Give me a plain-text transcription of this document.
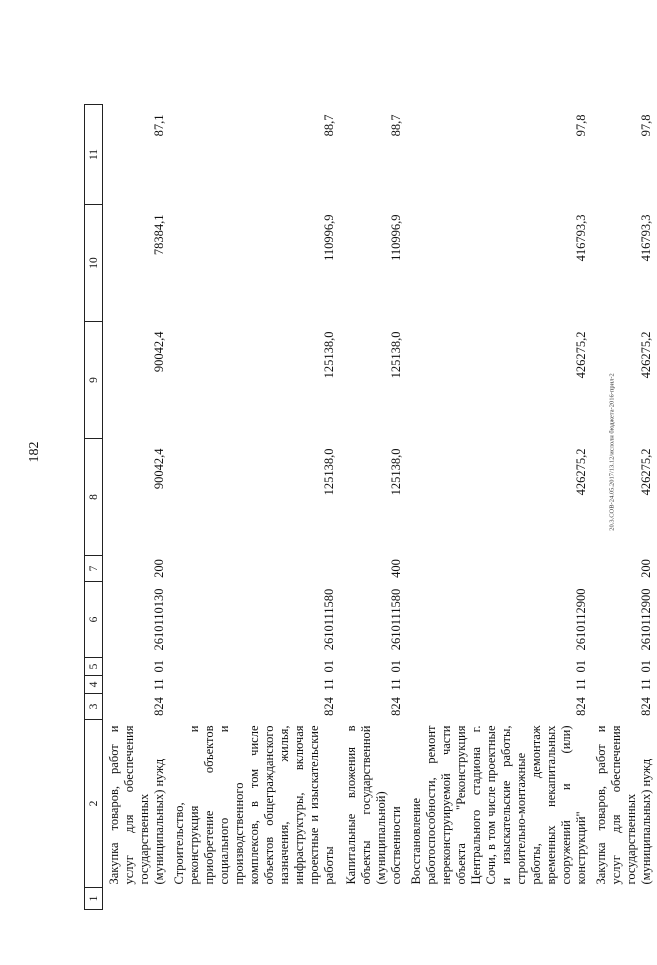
182	20.3.СОВ-24.05.2017/13.12/ислолн бюджета-2016-прил-2
1	2	3	4	5	6	7	8	9	10	11
	Закупка товаров, работ и услуг для обеспечения государственных (муниципальных) нужд	824	11	01	2610110130	200	90042,4	90042,4	78384,1	87,1
	Строительство, реконструкция и приобретение объектов социального и производственного комплексов, в том числе объектов общегражданского назначения, жилья, инфраструктуры, включая проектные и изыскательские работы	824	11	01	2610111580		125138,0	125138,0	110996,9	88,7
	Капитальные вложения в объекты государственной (муниципальной) собственности	824	11	01	2610111580	400	125138,0	125138,0	110996,9	88,7
	Восстановление работоспособности, ремонт нереконструируемой части объекта "Реконструкция Центрального стадиона г. Сочи, в том числе проектные и изыскательские работы, строительно-монтажные работы, демонтаж временных некапитальных сооружений и (или) конструкций"	824	11	01	2610112900		426275,2	426275,2	416793,3	97,8
	Закупка товаров, работ и услуг для обеспечения государственных (муниципальных) нужд	824	11	01	2610112900	200	426275,2	426275,2	416793,3	97,8
